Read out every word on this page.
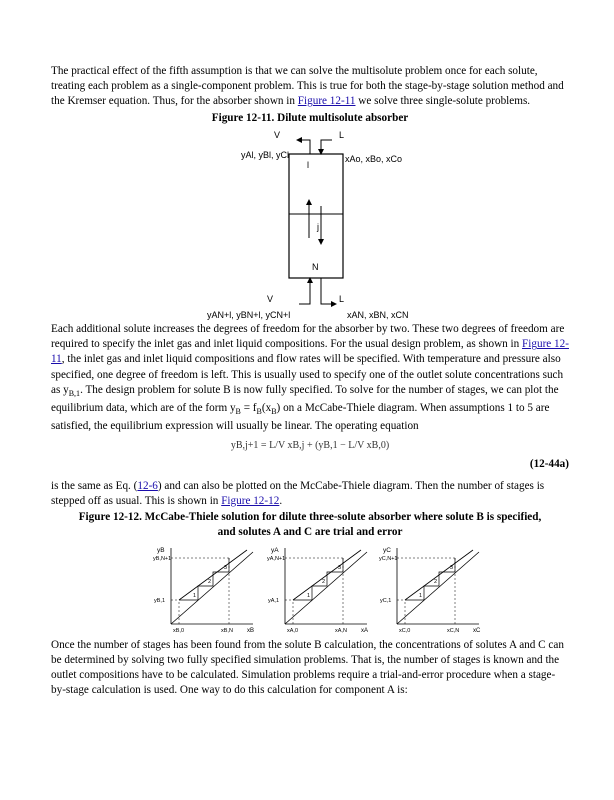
The practical effect of the fifth assumption is that we can solve the multisolute problem once for each solute, treating each problem as a single-component problem. This is true for both the stage-by-stage solution method and the Kremser equation. Thus, for the absorber shown in Figure 12-11 we solve three single-solute problems.

Figure 12-11. Dilute multisolute absorber

V	L
yAl, yBl, yCl	xAo, xBo, xCo
l
j
N
V	L
yAN+l, yBN+l, yCN+l	xAN, xBN, xCN

Each additional solute increases the degrees of freedom for the absorber by two. These two degrees of freedom are required to specify the inlet gas and inlet liquid compositions. For the usual design problem, as shown in Figure 12-11, the inlet gas and inlet liquid compositions and flow rates will be specified. With temperature and pressure also specified, one degree of freedom is left. This is usually used to specify one of the outlet solute concentrations such as $y_{B,1}$. The design problem for solute B is now fully specified. To solve for the number of stages, we can plot the equilibrium data, which are of the form $y_B = f_B(x_B)$ on a McCabe-Thiele diagram. When assumptions 1 to 5 are satisfied, the equilibrium expression will usually be linear. The operating equation

yB,j+1 = L/V xB,j + (yB,1 − L/V xB,0)

(12-44a)

is the same as Eq. (12-6) and can also be plotted on the McCabe-Thiele diagram. Then the number of stages is stepped off as usual. This is shown in Figure 12-12.

Figure 12-12. McCabe-Thiele solution for dilute three-solute absorber where solute B is specified,

and solutes A and C are trial and error

yB
yB,N+1
yB,1
xB,0	xB,N xB
1
2
3
yA
yA,N+1
yA,1
xA,0	xA,N xA
1
2
3
yC
yC,N+1
yC,1
xC,0	xC,N xC
1
2
3

Once the number of stages has been found from the solute B calculation, the concentrations of solutes A and C can be determined by solving two fully specified simulation problems. That is, the number of stages is known and the outlet compositions have to be calculated. Simulation problems require a trial-and-error procedure when a stage-by-stage calculation is used. One way to do this calculation for component A is:
